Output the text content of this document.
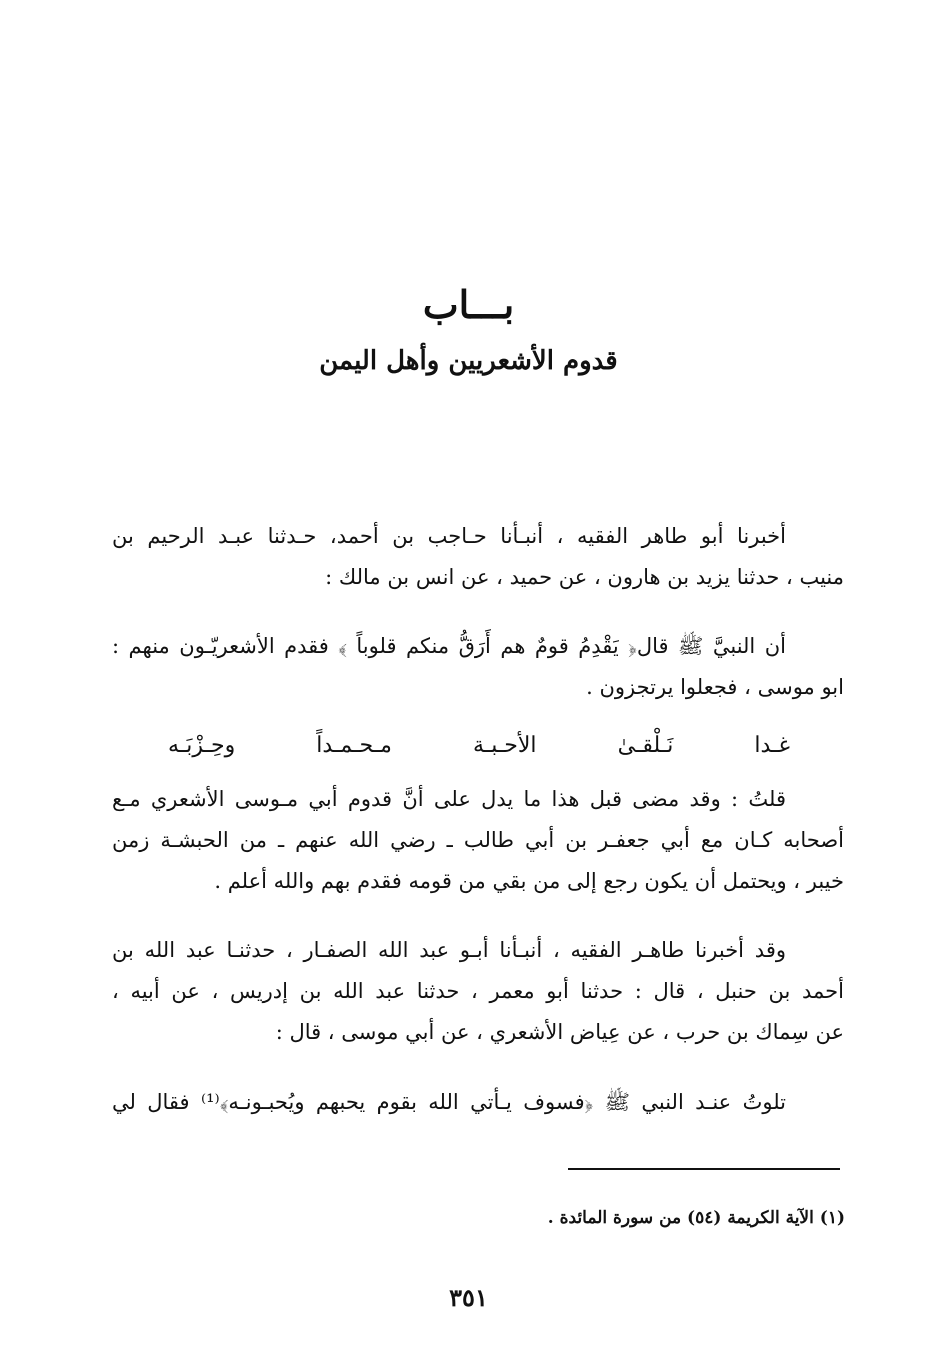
بـــاب
قدوم الأشعريين وأهل اليمن
أخبرنا أبو طاهر الفقيه ، أنبـأنا حـاجب بن أحمد، حـدثنا عبـد الرحيم بن
منيب ، حدثنا يزيد بن هارون ، عن حميد ، عن انس بن مالك :
أن النبيَّ ﷺ قال﴿ يَقْدِمُ قومٌ هم أَرَقُّ منكم قلوباً ﴾ فقدم الأشعريّـون منهم :
ابو موسى ، فجعلوا يرتجزون .
غـدا
نَـلْقـىٰ
الأحـبـة
مـحـمـداً
وحِـزْبَـه
قلتُ : وقد مضى قبل هذا ما يدل على أنَّ قدوم أبي مـوسى الأشعري مـع
أصحابه كـان مع أبي جعفـر بن أبي طالب ـ رضي الله عنهم ـ من الحبشـة زمن
خيبر ، ويحتمل أن يكون رجع إلى من بقي من قومه فقدم بهم والله أعلم .
وقد أخبرنا طاهـر الفقيه ، أنبـأنا أبـو عبد الله الصفـار ، حدثنـا عبد الله بن
أحمد بن حنبل ، قال : حدثنا أبو معمر ، حدثنا عبد الله بن إدريس ، عن أبيه ،
عن سِماك بن حرب ، عن عِياض الأشعري ، عن أبي موسى ، قال :
تلوتُ عنـد النبي ﷺ ﴿فسوف يـأتي الله بقوم يحبهم ويُحبـونـه﴾⁽¹⁾ فقال لي
(١) الآية الكريمة (٥٤) من سورة المائدة .
٣٥١
